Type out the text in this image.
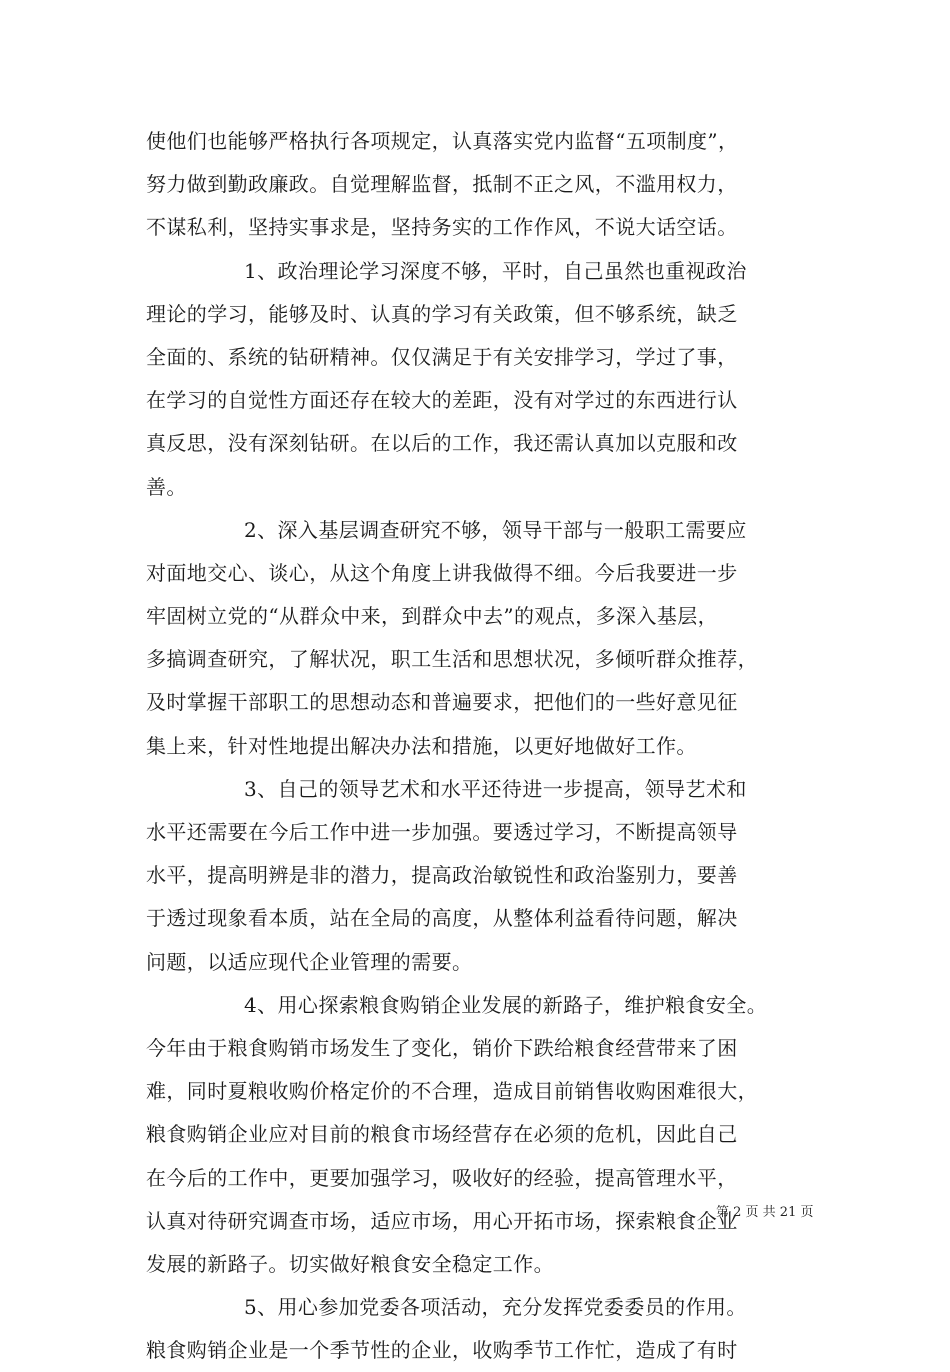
使他们也能够严格执行各项规定，认真落实党内监督“五项制度”，
努力做到勤政廉政。自觉理解监督，抵制不正之风，不滥用权力，
不谋私利，坚持实事求是，坚持务实的工作作风，不说大话空话。
1、政治理论学习深度不够，平时，自己虽然也重视政治
理论的学习，能够及时、认真的学习有关政策，但不够系统，缺乏
全面的、系统的钻研精神。仅仅满足于有关安排学习，学过了事，
在学习的自觉性方面还存在较大的差距，没有对学过的东西进行认
真反思，没有深刻钻研。在以后的工作，我还需认真加以克服和改
善。
2、深入基层调查研究不够，领导干部与一般职工需要应
对面地交心、谈心，从这个角度上讲我做得不细。今后我要进一步
牢固树立党的“从群众中来，到群众中去”的观点，多深入基层，
多搞调查研究，了解状况，职工生活和思想状况，多倾听群众推荐，
及时掌握干部职工的思想动态和普遍要求，把他们的一些好意见征
集上来，针对性地提出解决办法和措施，以更好地做好工作。
3、自己的领导艺术和水平还待进一步提高，领导艺术和
水平还需要在今后工作中进一步加强。要透过学习，不断提高领导
水平，提高明辨是非的潜力，提高政治敏锐性和政治鉴别力，要善
于透过现象看本质，站在全局的高度，从整体利益看待问题，解决
问题，以适应现代企业管理的需要。
4、用心探索粮食购销企业发展的新路子，维护粮食安全。
今年由于粮食购销市场发生了变化，销价下跌给粮食经营带来了困
难，同时夏粮收购价格定价的不合理，造成目前销售收购困难很大，
粮食购销企业应对目前的粮食市场经营存在必须的危机，因此自己
在今后的工作中，更要加强学习，吸收好的经验，提高管理水平，
认真对待研究调查市场，适应市场，用心开拓市场，探索粮食企业
发展的新路子。切实做好粮食安全稳定工作。
5、用心参加党委各项活动，充分发挥党委委员的作用。
粮食购销企业是一个季节性的企业，收购季节工作忙，造成了有时
第 2 页 共 21 页
